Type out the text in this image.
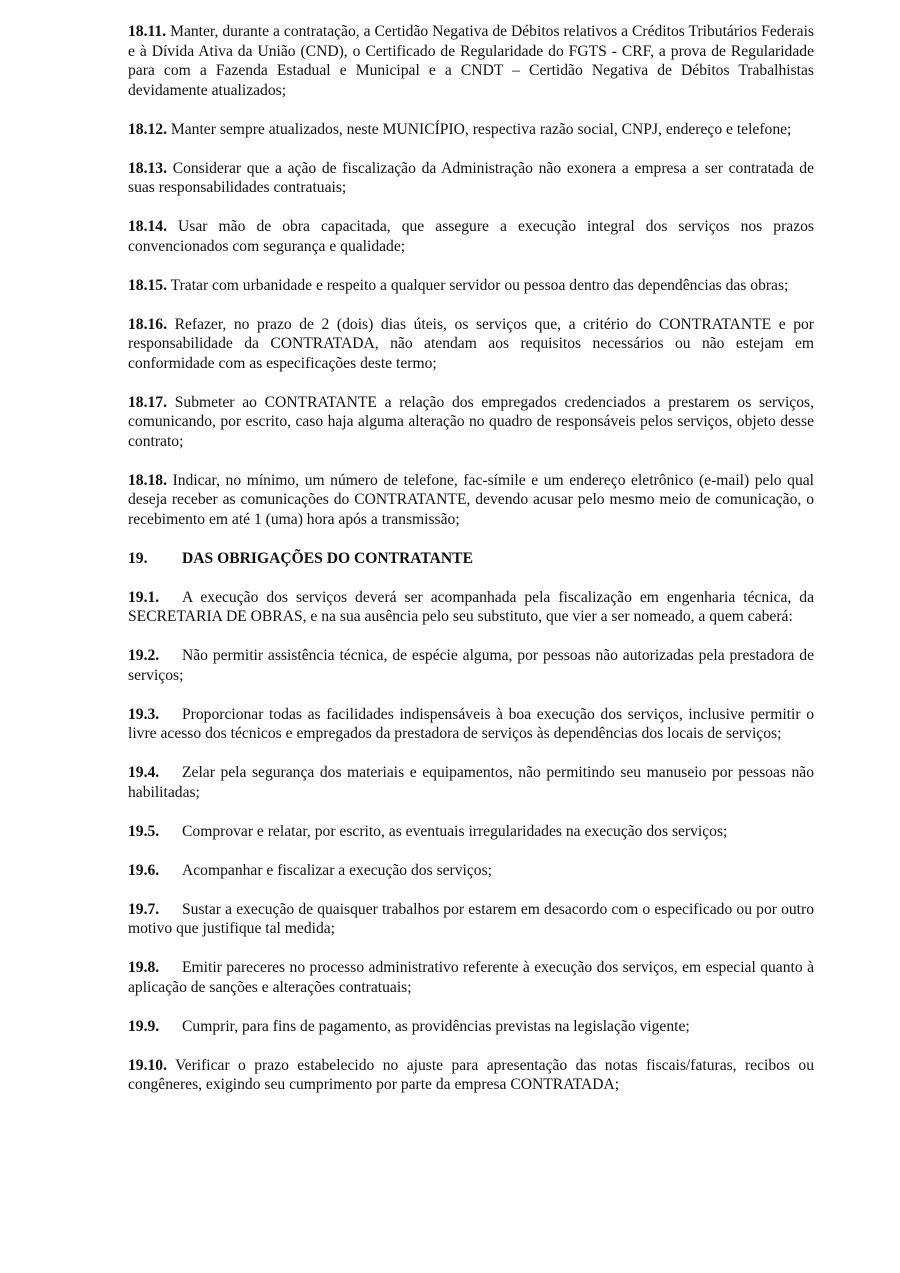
18.11. Manter, durante a contratação, a Certidão Negativa de Débitos relativos a Créditos Tributários Federais e à Dívida Ativa da União (CND), o Certificado de Regularidade do FGTS - CRF, a prova de Regularidade para com a Fazenda Estadual e Municipal e a CNDT – Certidão Negativa de Débitos Trabalhistas devidamente atualizados;

18.12. Manter sempre atualizados, neste MUNICÍPIO, respectiva razão social, CNPJ, endereço e telefone;

18.13. Considerar que a ação de fiscalização da Administração não exonera a empresa a ser contratada de suas responsabilidades contratuais;

18.14. Usar mão de obra capacitada, que assegure a execução integral dos serviços nos prazos convencionados com segurança e qualidade;

18.15. Tratar com urbanidade e respeito a qualquer servidor ou pessoa dentro das dependências das obras;

18.16. Refazer, no prazo de 2 (dois) dias úteis, os serviços que, a critério do CONTRATANTE e por responsabilidade da CONTRATADA, não atendam aos requisitos necessários ou não estejam em conformidade com as especificações deste termo;

18.17. Submeter ao CONTRATANTE a relação dos empregados credenciados a prestarem os serviços, comunicando, por escrito, caso haja alguma alteração no quadro de responsáveis pelos serviços, objeto desse contrato;

18.18. Indicar, no mínimo, um número de telefone, fac-símile e um endereço eletrônico (e-mail) pelo qual deseja receber as comunicações do CONTRATANTE, devendo acusar pelo mesmo meio de comunicação, o recebimento em até 1 (uma) hora após a transmissão;

19. DAS OBRIGAÇÕES DO CONTRATANTE

19.1. A execução dos serviços deverá ser acompanhada pela fiscalização em engenharia técnica, da SECRETARIA DE OBRAS, e na sua ausência pelo seu substituto, que vier a ser nomeado, a quem caberá:

19.2. Não permitir assistência técnica, de espécie alguma, por pessoas não autorizadas pela prestadora de serviços;

19.3. Proporcionar todas as facilidades indispensáveis à boa execução dos serviços, inclusive permitir o livre acesso dos técnicos e empregados da prestadora de serviços às dependências dos locais de serviços;

19.4. Zelar pela segurança dos materiais e equipamentos, não permitindo seu manuseio por pessoas não habilitadas;

19.5. Comprovar e relatar, por escrito, as eventuais irregularidades na execução dos serviços;

19.6. Acompanhar e fiscalizar a execução dos serviços;

19.7. Sustar a execução de quaisquer trabalhos por estarem em desacordo com o especificado ou por outro motivo que justifique tal medida;

19.8. Emitir pareceres no processo administrativo referente à execução dos serviços, em especial quanto à aplicação de sanções e alterações contratuais;

19.9. Cumprir, para fins de pagamento, as providências previstas na legislação vigente;

19.10. Verificar o prazo estabelecido no ajuste para apresentação das notas fiscais/faturas, recibos ou congêneres, exigindo seu cumprimento por parte da empresa CONTRATADA;
